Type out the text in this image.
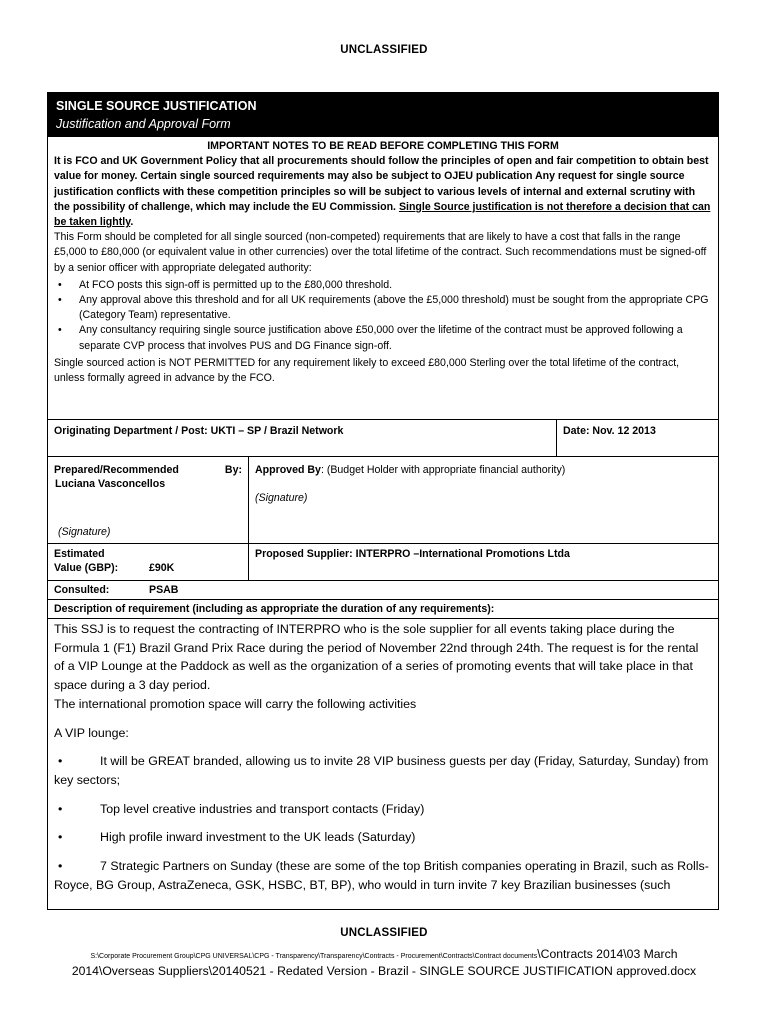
UNCLASSIFIED
SINGLE SOURCE JUSTIFICATION
Justification and Approval Form
IMPORTANT NOTES TO BE READ BEFORE COMPLETING THIS FORM
It is FCO and UK Government Policy that all procurements should follow the principles of open and fair competition to obtain best value for money. Certain single sourced requirements may also be subject to OJEU publication Any request for single source justification conflicts with these competition principles so will be subject to various levels of internal and external scrutiny with the possibility of challenge, which may include the EU Commission. Single Source justification is not therefore a decision that can be taken lightly.
This Form should be completed for all single sourced (non-competed) requirements that are likely to have a cost that falls in the range £5,000 to £80,000 (or equivalent value in other currencies) over the total lifetime of the contract. Such recommendations must be signed-off by a senior officer with appropriate delegated authority:
• At FCO posts this sign-off is permitted up to the £80,000 threshold.
• Any approval above this threshold and for all UK requirements (above the £5,000 threshold) must be sought from the appropriate CPG (Category Team) representative.
• Any consultancy requiring single source justification above £50,000 over the lifetime of the contract must be approved following a separate CVP process that involves PUS and DG Finance sign-off.
Single sourced action is NOT PERMITTED for any requirement likely to exceed £80,000 Sterling over the total lifetime of the contract, unless formally agreed in advance by the FCO.
Originating Department / Post: UKTI – SP / Brazil Network	Date: Nov. 12 2013
Prepared/Recommended	By:
Luciana Vasconcellos
(Signature)
Approved By: (Budget Holder with appropriate financial authority)
(Signature)
Estimated
Value (GBP):	£90K
Proposed Supplier: INTERPRO –International Promotions Ltda
Consulted:	PSAB
Description of requirement (including as appropriate the duration of any requirements):

This SSJ is to request the contracting of INTERPRO who is the sole supplier for all events taking place during the Formula 1 (F1) Brazil Grand Prix Race during the period of November 22nd through 24th. The request is for the rental of a VIP Lounge at the Paddock as well as the organization of a series of promoting events that will take place in that space during a 3 day period.

The international promotion space will carry the following activities

A VIP lounge:

•	It will be GREAT branded, allowing us to invite 28 VIP business guests per day (Friday, Saturday, Sunday) from key sectors;
•	Top level creative industries and transport contacts (Friday)
•	High profile inward investment to the UK leads (Saturday)
•	7 Strategic Partners on Sunday (these are some of the top British companies operating in Brazil, such as Rolls-Royce, BG Group, AstraZeneca, GSK, HSBC, BT, BP), who would in turn invite 7 key Brazilian businesses (such
UNCLASSIFIED
S:\Corporate Procurement Group\CPG UNIVERSAL\CPG - Transparency\Transparency\Contracts - Procurement\Contracts\Contract documents\Contracts 2014\03 March
2014\Overseas Suppliers\20140521 - Redated Version - Brazil - SINGLE SOURCE JUSTIFICATION approved.docx
